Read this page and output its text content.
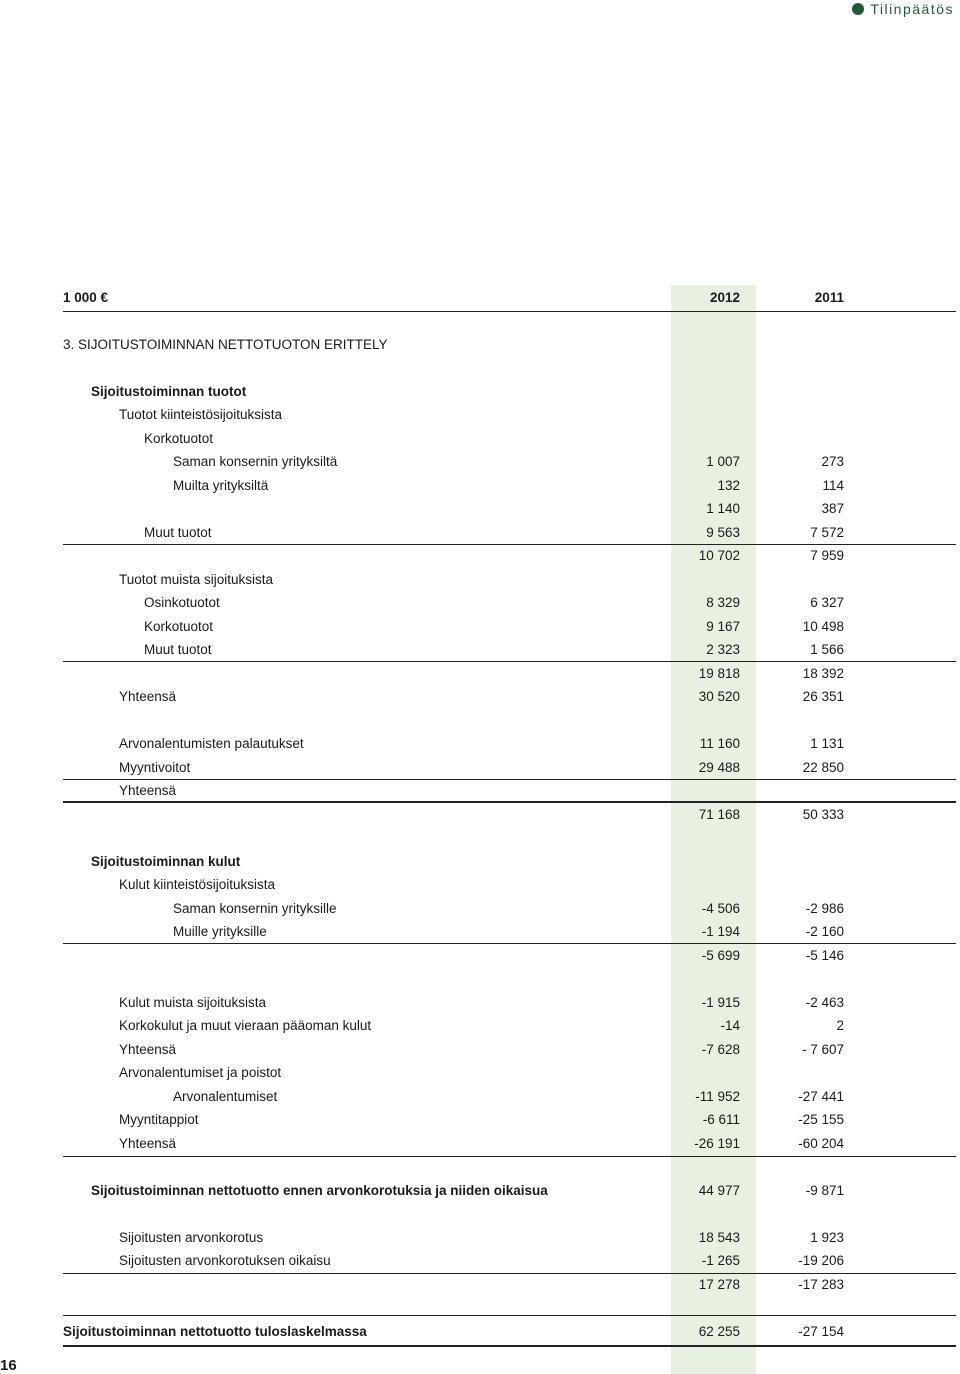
Tilinpäätös
1 000 €	2012	2011
3. SIJOITUSTOIMINNAN NETTOTUOTON ERITTELY
Sijoitustoiminnan tuotot
Tuotot kiinteistösijoituksista
Korkotuotot
Saman konsernin yrityksiltä	1 007	273
Muilta yrityksiltä	132	114
1 140	387
Muut tuotot	9 563	7 572
10 702	7 959
Tuotot muista sijoituksista
Osinkotuotot	8 329	6 327
Korkotuotot	9 167	10 498
Muut tuotot	2 323	1 566
19 818	18 392
Yhteensä	30 520	26 351
Arvonalentumisten palautukset	11 160	1 131
Myyntivoitot	29 488	22 850
Yhteensä
71 168	50 333
Sijoitustoiminnan kulut
Kulut kiinteistösijoituksista
Saman konsernin yrityksille	-4 506	-2 986
Muille yrityksille	-1 194	-2 160
-5 699	-5 146
Kulut muista sijoituksista	-1 915	-2 463
Korkokulut ja muut vieraan pääoman kulut	-14	2
Yhteensä	-7 628	- 7 607
Arvonalentumiset ja poistot
Arvonalentumiset	-11 952	-27 441
Myyntitappiot	-6 611	-25 155
Yhteensä	-26 191	-60 204
Sijoitustoiminnan nettotuotto ennen arvonkorotuksia ja niiden oikaisua	44 977	-9 871
Sijoitusten arvonkorotus	18 543	1 923
Sijoitusten arvonkorotuksen oikaisu	-1 265	-19 206
17 278	-17 283
Sijoitustoiminnan nettotuotto tuloslaskelmassa	62 255	-27 154
16
